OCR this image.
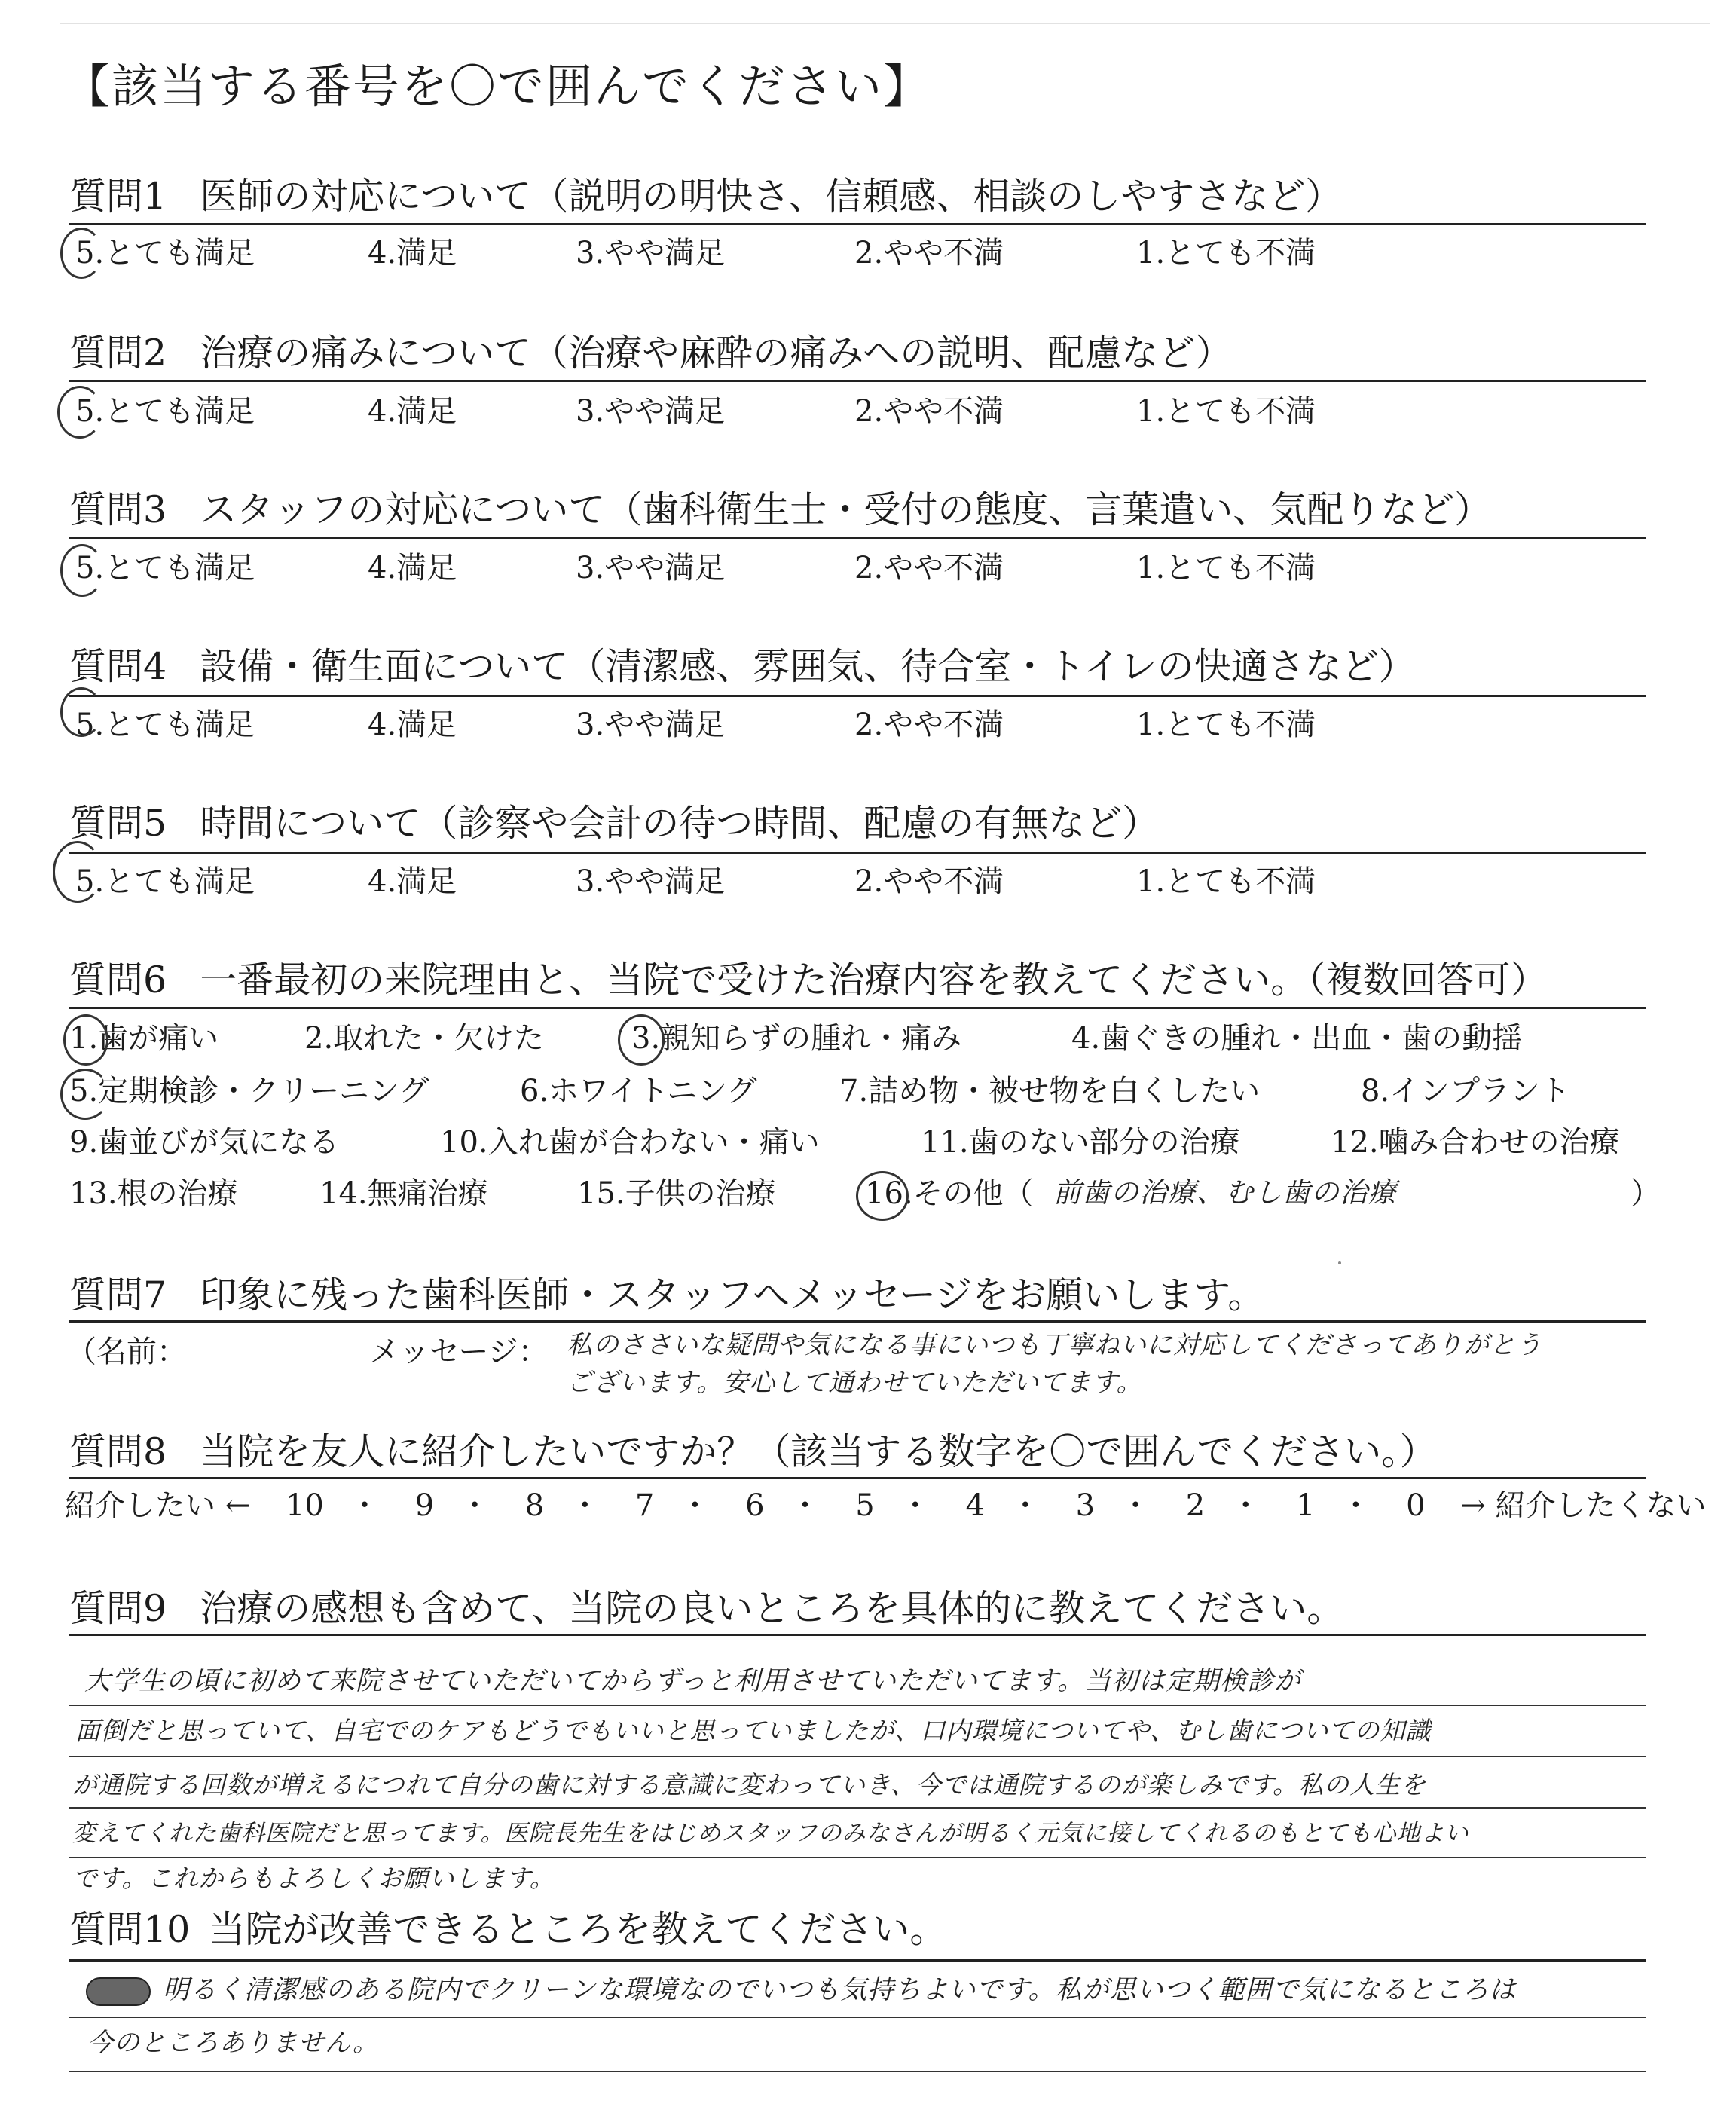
【該当する番号を〇で囲んでください】
質問1 医師の対応について（説明の明快さ、信頼感、相談のしやすさなど）
5.とても満足	4.満足	3.やや満足	2.やや不満	1.とても不満
質問2 治療の痛みについて（治療や麻酔の痛みへの説明、配慮など）
5.とても満足	4.満足	3.やや満足	2.やや不満	1.とても不満
質問3 スタッフの対応について（歯科衛生士・受付の態度、言葉遣い、気配りなど）
5.とても満足	4.満足	3.やや満足	2.やや不満	1.とても不満
質問4 設備・衛生面について（清潔感、雰囲気、待合室・トイレの快適さなど）
5.とても満足	4.満足	3.やや満足	2.やや不満	1.とても不満
質問5 時間について（診察や会計の待つ時間、配慮の有無など）
5.とても満足	4.満足	3.やや満足	2.やや不満	1.とても不満
質問6 一番最初の来院理由と、当院で受けた治療内容を教えてください。（複数回答可）
1.歯が痛い	2.取れた・欠けた	3.親知らずの腫れ・痛み	4.歯ぐきの腫れ・出血・歯の動揺
5.定期検診・クリーニング	6.ホワイトニング	7.詰め物・被せ物を白くしたい	8.インプラント
9.歯並びが気になる	10.入れ歯が合わない・痛い	11.歯のない部分の治療	12.噛み合わせの治療
13.根の治療	14.無痛治療	15.子供の治療	16.その他（ 前歯の治療、むし歯の治療	）
質問7 印象に残った歯科医師・スタッフへメッセージをお願いします。
（名前：	メッセージ： 私のささいな疑問や気になる事にいつも丁寧ねいに対応してくださってありがとう
ございます。安心して通わせていただいてます。
質問8 当院を友人に紹介したいですか？（該当する数字を〇で囲んでください。）
紹介したい ← 10 ・ 9 ・ 8 ・ 7 ・ 6 ・ 5 ・ 4 ・ 3 ・ 2 ・ 1 ・ 0 → 紹介したくない
質問9 治療の感想も含めて、当院の良いところを具体的に教えてください。
大学生の頃に初めて来院させていただいてからずっと利用させていただいてます。当初は定期検診が
面倒だと思っていて、自宅でのケアもどうでもいいと思っていましたが、口内環境についてや、むし歯についての知識
が通院する回数が増えるにつれて自分の歯に対する意識に変わっていき、今では通院するのが楽しみです。私の人生を
変えてくれた歯科医院だと思ってます。医院長先生をはじめスタッフのみなさんが明るく元気に接してくれるのもとても心地よい
です。これからもよろしくお願いします。
質問10 当院が改善できるところを教えてください。
明るく清潔感のある院内でクリーンな環境なのでいつも気持ちよいです。私が思いつく範囲で気になるところは
今のところありません。
